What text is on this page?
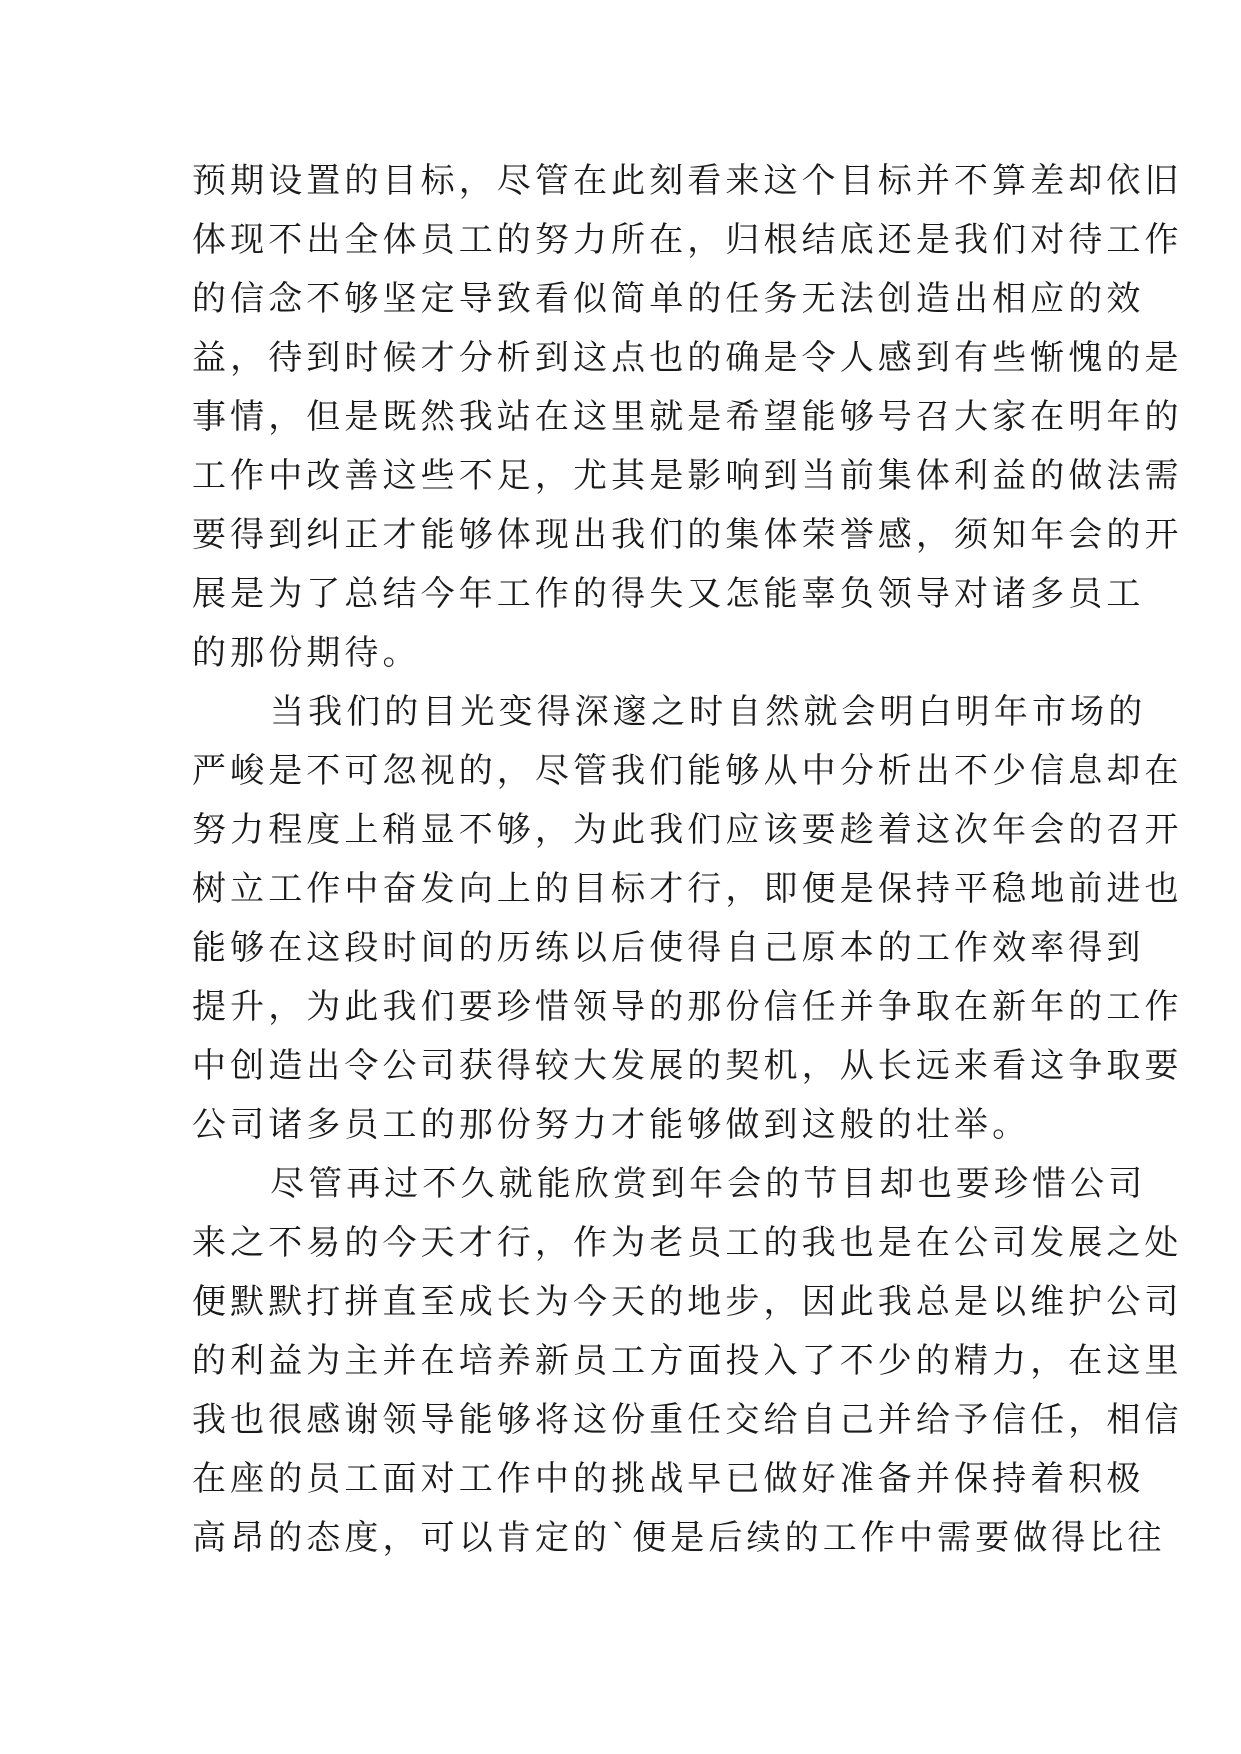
预期设置的目标，尽管在此刻看来这个目标并不算差却依旧
体现不出全体员工的努力所在，归根结底还是我们对待工作
的信念不够坚定导致看似简单的任务无法创造出相应的效
益，待到时候才分析到这点也的确是令人感到有些惭愧的是
事情，但是既然我站在这里就是希望能够号召大家在明年的
工作中改善这些不足，尤其是影响到当前集体利益的做法需
要得到纠正才能够体现出我们的集体荣誉感，须知年会的开
展是为了总结今年工作的得失又怎能辜负领导对诸多员工
的那份期待。
当我们的目光变得深邃之时自然就会明白明年市场的
严峻是不可忽视的，尽管我们能够从中分析出不少信息却在
努力程度上稍显不够，为此我们应该要趁着这次年会的召开
树立工作中奋发向上的目标才行，即便是保持平稳地前进也
能够在这段时间的历练以后使得自己原本的工作效率得到
提升，为此我们要珍惜领导的那份信任并争取在新年的工作
中创造出令公司获得较大发展的契机，从长远来看这争取要
公司诸多员工的那份努力才能够做到这般的壮举。
尽管再过不久就能欣赏到年会的节目却也要珍惜公司
来之不易的今天才行，作为老员工的我也是在公司发展之处
便默默打拼直至成长为今天的地步，因此我总是以维护公司
的利益为主并在培养新员工方面投入了不少的精力，在这里
我也很感谢领导能够将这份重任交给自己并给予信任，相信
在座的员工面对工作中的挑战早已做好准备并保持着积极
高昂的态度，可以肯定的`便是后续的工作中需要做得比往
